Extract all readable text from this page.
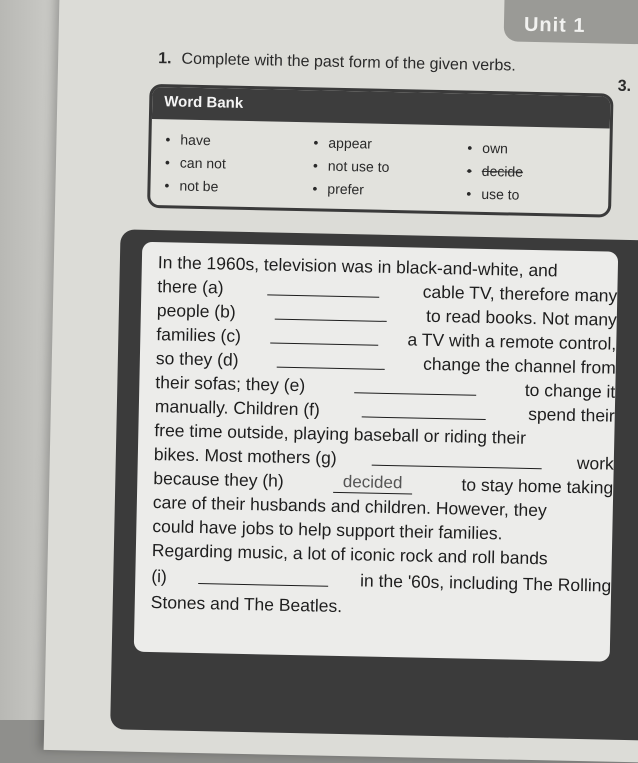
Unit 1
1. Complete with the past form of the given verbs.
3.
Word Bank
• have
• can not
• not be
• appear
• not use to
• prefer
• own
• decide
• use to
In the 1960s, television was in black-and-white, and
there (a)	cable TV, therefore many
people (b)	to read books. Not many
families (c)	a TV with a remote control,
so they (d)	change the channel from
their sofas; they (e)	to change it
manually. Children (f)	spend their
free time outside, playing baseball or riding their
bikes. Most mothers (g)	work
because they (h)	decided	to stay home taking
care of their husbands and children. However, they
could have jobs to help support their families.
Regarding music, a lot of iconic rock and roll bands
(i)	in the '60s, including The Rolling
Stones and The Beatles.
